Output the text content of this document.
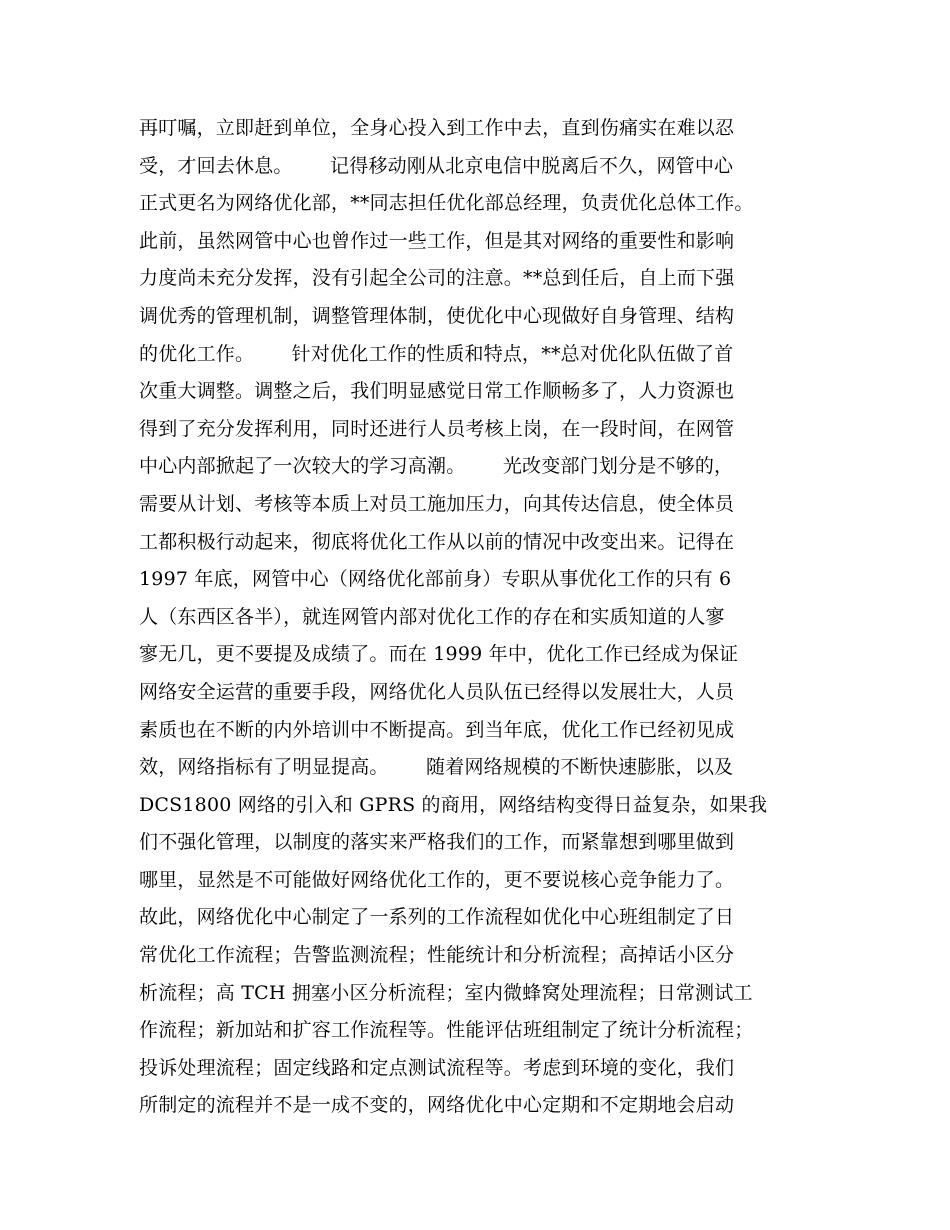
再叮嘱，立即赶到单位，全身心投入到工作中去，直到伤痛实在难以忍
受，才回去休息。      记得移动刚从北京电信中脱离后不久，网管中心
正式更名为网络优化部，**同志担任优化部总经理，负责优化总体工作。
此前，虽然网管中心也曾作过一些工作，但是其对网络的重要性和影响
力度尚未充分发挥，没有引起全公司的注意。**总到任后，自上而下强
调优秀的管理机制，调整管理体制，使优化中心现做好自身管理、结构
的优化工作。      针对优化工作的性质和特点，**总对优化队伍做了首
次重大调整。调整之后，我们明显感觉日常工作顺畅多了，人力资源也
得到了充分发挥利用，同时还进行人员考核上岗，在一段时间，在网管
中心内部掀起了一次较大的学习高潮。      光改变部门划分是不够的，
需要从计划、考核等本质上对员工施加压力，向其传达信息，使全体员
工都积极行动起来，彻底将优化工作从以前的情况中改变出来。记得在
1997 年底，网管中心（网络优化部前身）专职从事优化工作的只有 6
人（东西区各半），就连网管内部对优化工作的存在和实质知道的人寥
寥无几，更不要提及成绩了。而在 1999 年中，优化工作已经成为保证
网络安全运营的重要手段，网络优化人员队伍已经得以发展壮大，人员
素质也在不断的内外培训中不断提高。到当年底，优化工作已经初见成
效，网络指标有了明显提高。      随着网络规模的不断快速膨胀，以及
DCS1800 网络的引入和 GPRS 的商用，网络结构变得日益复杂，如果我
们不强化管理，以制度的落实来严格我们的工作，而紧靠想到哪里做到
哪里，显然是不可能做好网络优化工作的，更不要说核心竞争能力了。
故此，网络优化中心制定了一系列的工作流程如优化中心班组制定了日
常优化工作流程；告警监测流程；性能统计和分析流程；高掉话小区分
析流程；高 TCH 拥塞小区分析流程；室内微蜂窝处理流程；日常测试工
作流程；新加站和扩容工作流程等。性能评估班组制定了统计分析流程；
投诉处理流程；固定线路和定点测试流程等。考虑到环境的变化，我们
所制定的流程并不是一成不变的，网络优化中心定期和不定期地会启动
